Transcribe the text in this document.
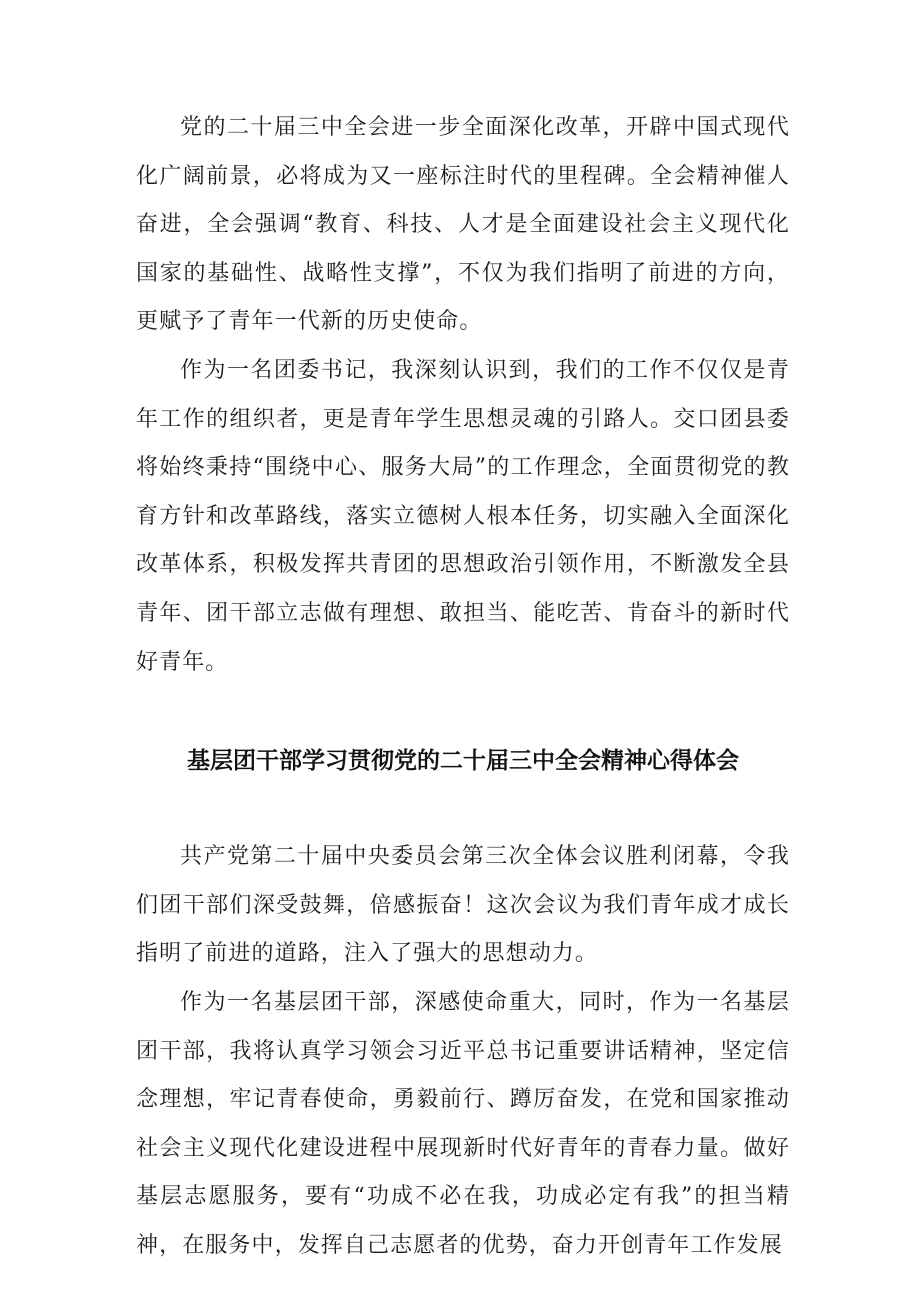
党的二十届三中全会进一步全面深化改革，开辟中国式现代化广阔前景，必将成为又一座标注时代的里程碑。全会精神催人奋进，全会强调“教育、科技、人才是全面建设社会主义现代化国家的基础性、战略性支撑”，不仅为我们指明了前进的方向，更赋予了青年一代新的历史使命。

作为一名团委书记，我深刻认识到，我们的工作不仅仅是青年工作的组织者，更是青年学生思想灵魂的引路人。交口团县委将始终秉持“围绕中心、服务大局”的工作理念，全面贯彻党的教育方针和改革路线，落实立德树人根本任务，切实融入全面深化改革体系，积极发挥共青团的思想政治引领作用，不断激发全县青年、团干部立志做有理想、敢担当、能吃苦、肯奋斗的新时代好青年。

基层团干部学习贯彻党的二十届三中全会精神心得体会

共产党第二十届中央委员会第三次全体会议胜利闭幕，令我们团干部们深受鼓舞，倍感振奋！这次会议为我们青年成才成长指明了前进的道路，注入了强大的思想动力。

作为一名基层团干部，深感使命重大，同时，作为一名基层团干部，我将认真学习领会习近平总书记重要讲话精神，坚定信念理想，牢记青春使命，勇毅前行、蹲厉奋发，在党和国家推动社会主义现代化建设进程中展现新时代好青年的青春力量。做好基层志愿服务，要有“功成不必在我，功成必定有我”的担当精神，在服务中，发挥自己志愿者的优势，奋力开创青年工作发展
